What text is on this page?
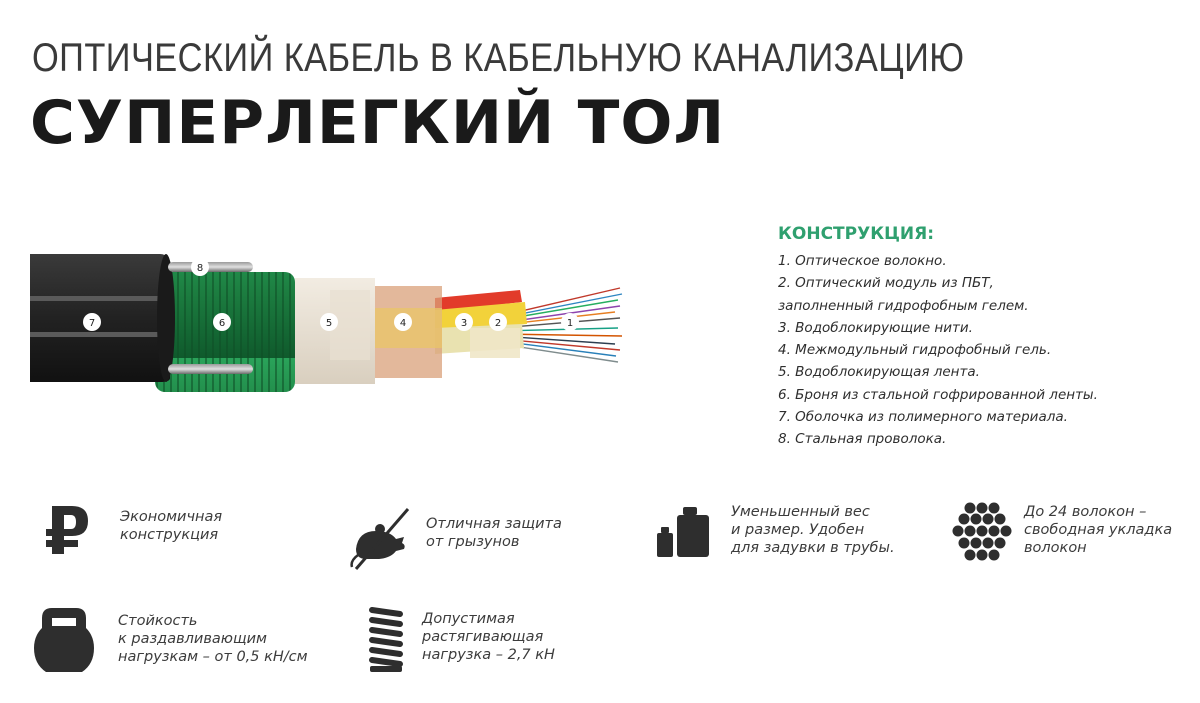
ОПТИЧЕСКИЙ КАБЕЛЬ В КАБЕЛЬНУЮ КАНАЛИЗАЦИЮ
СУПЕРЛЕГКИЙ ТОЛ
1
2
3
4
5
6
7
8
КОНСТРУКЦИЯ:
1. Оптическое волокно.
2. Оптический модуль из ПБТ,
заполненный гидрофобным гелем.
3. Водоблокирующие нити.
4. Межмодульный гидрофобный гель.
5. Водоблокирующая лента.
6. Броня из стальной гофрированной ленты.
7. Оболочка из полимерного материала.
8. Стальная проволока.
Экономичная
конструкция
Отличная защита
от грызунов
Уменьшенный вес
и размер. Удобен
для задувки в трубы.
До 24 волокон –
свободная укладка
волокон
Стойкость
к раздавливающим
нагрузкам – от 0,5 кН/см
Допустимая
растягивающая
нагрузка – 2,7 кН
